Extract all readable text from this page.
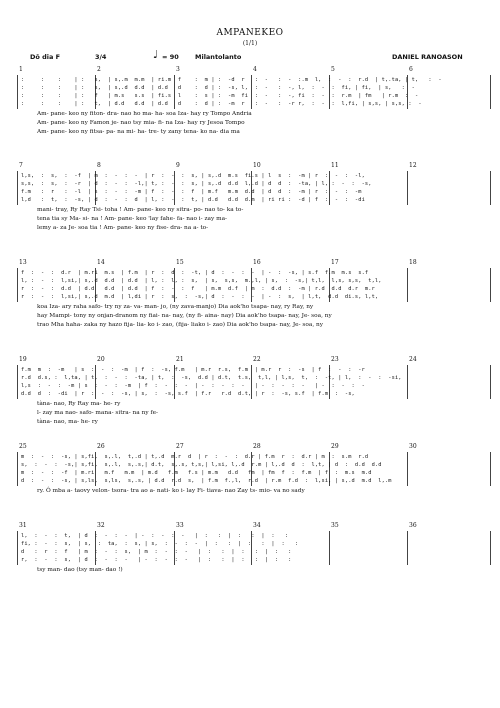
AMPANEKEO
(1/1)
Dô dia F	3/4	♩ = 90 Milantolanto	DANIEL RANOASON
1	2	3	4	5	6
:     :    :    | :   s,  | s,.m  m.m  | ri.m  f    :  m | :  -d  r   :  -   :  -  :.m  l,  :  -  :  r.d  | t,.ta, | t,   :  -
:     :    :    | :   s,  | s,.d  d.d  | d.d   d    :  d | :  -s, l,  :  -   :  -, l,  :  -  :  fi, | fi,  | s,   :  -
:     :    :    | :   f   | m.s   s.s  | fi.s  l    :  s | :  -m  fi  :  -   :  -, fi  :  -  :  r.m  | fm   | r.m  :  -
:     :    :    | :   t,  | d.d   d.d  | d.d   d    :  d | :  -m  r   :  -   :  -r r,  :  -  :  l,fi, | s,s, | s,s, :  -
Am- pane- keo ny fiton- dra- nao ho ma- ha- soa Iza- hay ry Tompo Andria
Am- pane- keo ny Famon je- nao tsy mia- fi- na Iza- hay ry Jesoa Tompo
Am- pane- keo ny fitsa- pa- na mi- ha- tre- ty zany tena- ko na- dia ma
7	8	9	10	11	12
l,s,  :  s,  :  -f  | m  :  -  :  -  | r  :  -  :  s, | s,.d  m.s  fi.s | l  s  :  -m | r  :  -  :  -l,
s,s,  :  s,  :  -r  | d  :  -  :  -l,| t, :  -  :  s, | s,.d  d.d  l,.d | d  d  :  -ta, | l, :  -  :  -s,
f.m   :  r   :  -l  | s  :  -  :  -m | f  :  -  :  f  | m.f   m.m  d.d  | d  d  :  -m | r  :  -  :  -m
l,d   :  t,  :  -s, | d  :  -  :  d  | l, :  -  :  t, | d.d   d.d  d.m  | ri ri :  -d | f  :  -  :  -di
mani- tray, Ry Ray Tsi- toha ! Am- pane- keo ny sitra- po- nao to- ka to-
tena tia sy Ma- si- na ! Am- pane- keo 'lay fahe- fa- nao i- zay ma-
lemy a- za Je- soa tia ! Am- pane- keo ny fise- dra- na a- to-
13	14	15	16	17	18
f  :  -  :  d.r  | m.ri  m.s  | f.m  | r  :  d  :  -t, | d  :  -  :  -  | -  :  -s, | s.f  f.m  m.s  s.f
l, :  -  :  l,si,| s,.d  d.d  | d.d  | l, :  l, :  s,  | s,  s,s,  m.,l, | s,  :  -s,| t,l,  l,s, s,s,  t,l,
r  :  -  :  d.d  | d.d   d.d  | d.d  | f  :  -  :  f   | m.m  d.f  | m  :  d.d  :  -m | r.d  d.d  d.r  m.r
r  :  -  :  l,si,| s,.d  m.d  | l,di | r  :  s,  :  -s,| d  :  -  :  -  | -  :  s,  | l,t,  d.d  di.s, l,t,
koa Iza- ary raha safo- try ny za- va- man- jo, (ny zava-manjo) Dia aok'ho tsapa- nay, ry Ray, ny
hay Mampi- tony ny onjan-dranom ny fiai- na- nay, (ny fi- aina- nay) Dia aok'ho tsapa- nay, Je- soa, ny
trao Mha haha- zaka ny hazo fija- lia- ko i- zao, (fija- liako i- zao) Dia aok'ho tsapa- nay, Je- soa, ny
19	20	21	22	23	24
f.m  m  :  -m   | s  :  -  :  -m  | f  :  -s, f.m   | m.r  r.s,  f.m  | m.r  r  :  -s  | f  :  -  :  -r
r.d  d.s, :  l,ta, | t,  :  -  :  -ta, | t,  :  -s,  d.d | d.t,  t.s,  t,l, | l,s,  t,  :  -t, | l,  :  -  :  -si,
l,s  :  -  :  -m | s  :  -  :  -m  | f  :  -  :  -  | -  :  -  :  -   | -  :  -  :  -   | -  :  -  :  -
d.d  d  :  -di  | r  :  -  :  -s, | s,  :  -s, s.f  | f.r   r.d  d.t, | r  :  -s, s.f  | f.m  :  -s,
tàna- nao, Ry Ray ma- he- ry
l- zay ma nao- safo- mana- sitra- na ny fe-
tàna- nao, ma- he- ry
25	26	27	28	29	30
m  :  -  :  -s, | s,fi,  s,.l,  t,.d | t,.d  m.r  d  | r  :  -  :  d.r | f.m  r  :  d.r | m  :  s.m  r.d
s,  :  -  :  -s,| s,fi,  s,.l,  s,.s,| d.t,  s,.s, t,s,| l,si, l,.d  r.m | l,.d  d  :  l,t, | d  :  d.d  d.d
m  :  -  :  -f  | m.ri   m.f   m.m  | m.d   f.m   f.s | m.m   d.d   fm  | fm  f  :  f.m  | f  :  m.s  m.d
d  :  -  :  -s, | s,ls,  s,ls,  s,.s, | d.d  r.d  s,  | f.m  f.,l,  r.d  | r.m  f.d  :  l,si, | s,.d  m.d  l,.m
ry. Ô mba a- taovy velon- tsora- tra ao a- nati- ko i- lay Fi- tiava- nao Zay ts- mio- va no sady
31	32	33	34	35	36
l,  :  -  :  t,  | d  :  -  :  -  | -  :  -  :  -   |  :   :  |  :   :  |  :   :
fi, :  -  :  s,  | s,  :  ta,  :  s, | s,  :  -  :  -  |  :   :  |  :   :  |  :   :
d   :  r  :  f   | m  :  -  :  s,  | m  :  -  :  -   |  :   :  |  :   :  |  :   :
r,  :  -  :  s,  | d  :  -  :  -   | -  :  -  :  -   |  :   :  |  :   :  |  :   :
tsy man- dao (tsy man- dao !)
